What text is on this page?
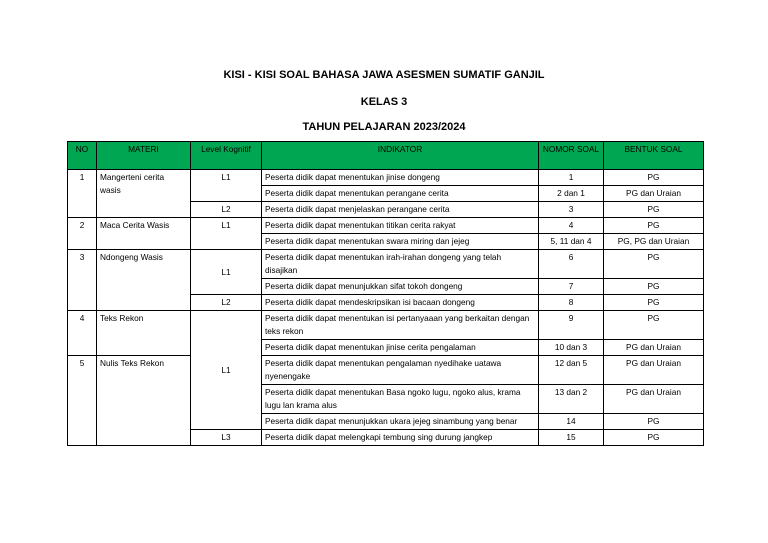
KISI - KISI SOAL BAHASA JAWA ASESMEN SUMATIF GANJIL
KELAS 3
TAHUN PELAJARAN 2023/2024
NO	MATERI	Level Kognitif	INDIKATOR	NOMOR SOAL	BENTUK SOAL
1	Mangerteni cerita wasis	L1	Peserta didik dapat menentukan jinise dongeng	1	PG
			Peserta didik dapat menentukan perangane cerita	2 dan 1	PG dan Uraian
		L2	Peserta didik dapat menjelaskan perangane cerita	3	PG
2	Maca Cerita Wasis	L1	Peserta didik dapat menentukan titikan cerita rakyat	4	PG
			Peserta didik dapat menentukan swara miring dan jejeg	5, 11 dan 4	PG, PG dan Uraian
3	Ndongeng Wasis	L1	Peserta didik dapat menentukan irah-irahan dongeng yang telah disajikan	6	PG
			Peserta didik dapat menunjukkan sifat tokoh dongeng	7	PG
		L2	Peserta didik dapat mendeskripsikan isi bacaan dongeng	8	PG
4	Teks Rekon	L1	Peserta didik dapat menentukan isi pertanyaaan yang berkaitan dengan teks rekon	9	PG
			Peserta didik dapat menentukan jinise cerita pengalaman	10 dan 3	PG dan Uraian
5	Nulis Teks Rekon		Peserta didik dapat menentukan pengalaman nyedihake uatawa nyenengake	12 dan 5	PG dan Uraian
			Peserta didik dapat menentukan Basa ngoko lugu, ngoko alus, krama lugu lan krama alus	13 dan 2	PG dan Uraian
			Peserta didik dapat menunjukkan ukara jejeg sinambung yang benar	14	PG
		L3	Peserta didik dapat melengkapi tembung sing durung jangkep	15	PG
